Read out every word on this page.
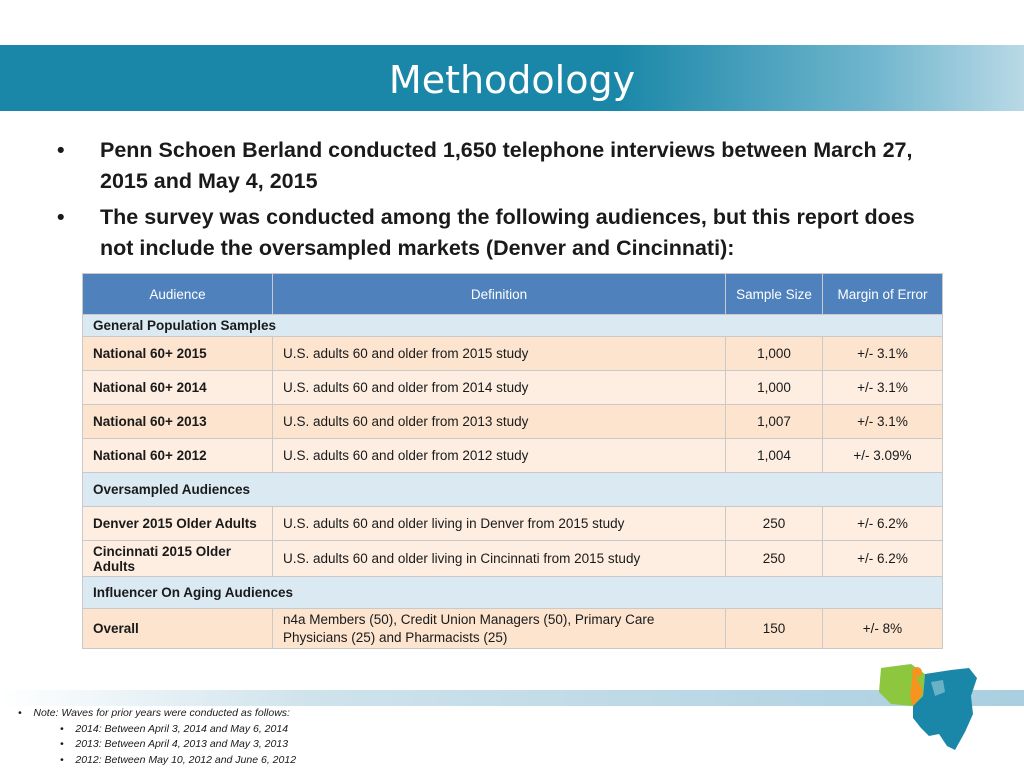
Methodology
• Penn Schoen Berland conducted 1,650 telephone interviews between March 27, 2015 and May 4, 2015
• The survey was conducted among the following audiences, but this report does not include the oversampled markets (Denver and Cincinnati):
Audience	Definition	Sample Size	Margin of Error
General Population Samples			
National 60+ 2015	U.S. adults 60 and older from 2015 study	1,000	+/- 3.1%
National 60+ 2014	U.S. adults 60 and older from 2014 study	1,000	+/- 3.1%
National 60+ 2013	U.S. adults 60 and older from 2013 study	1,007	+/- 3.1%
National 60+ 2012	U.S. adults 60 and older from 2012 study	1,004	+/- 3.09%
Oversampled Audiences			
Denver 2015 Older Adults	U.S. adults 60 and older living in Denver from 2015 study	250	+/- 6.2%
Cincinnati 2015 Older Adults	U.S. adults 60 and older living in Cincinnati from 2015 study	250	+/- 6.2%
Influencer On Aging Audiences			
Overall	n4a Members (50), Credit Union Managers (50), Primary Care Physicians (25) and Pharmacists (25)	150	+/- 8%
• Note: Waves for prior years were conducted as follows:
• 2014: Between April 3, 2014 and May 6, 2014
• 2013: Between April 4, 2013 and May 3, 2013
• 2012: Between May 10, 2012 and June 6, 2012
